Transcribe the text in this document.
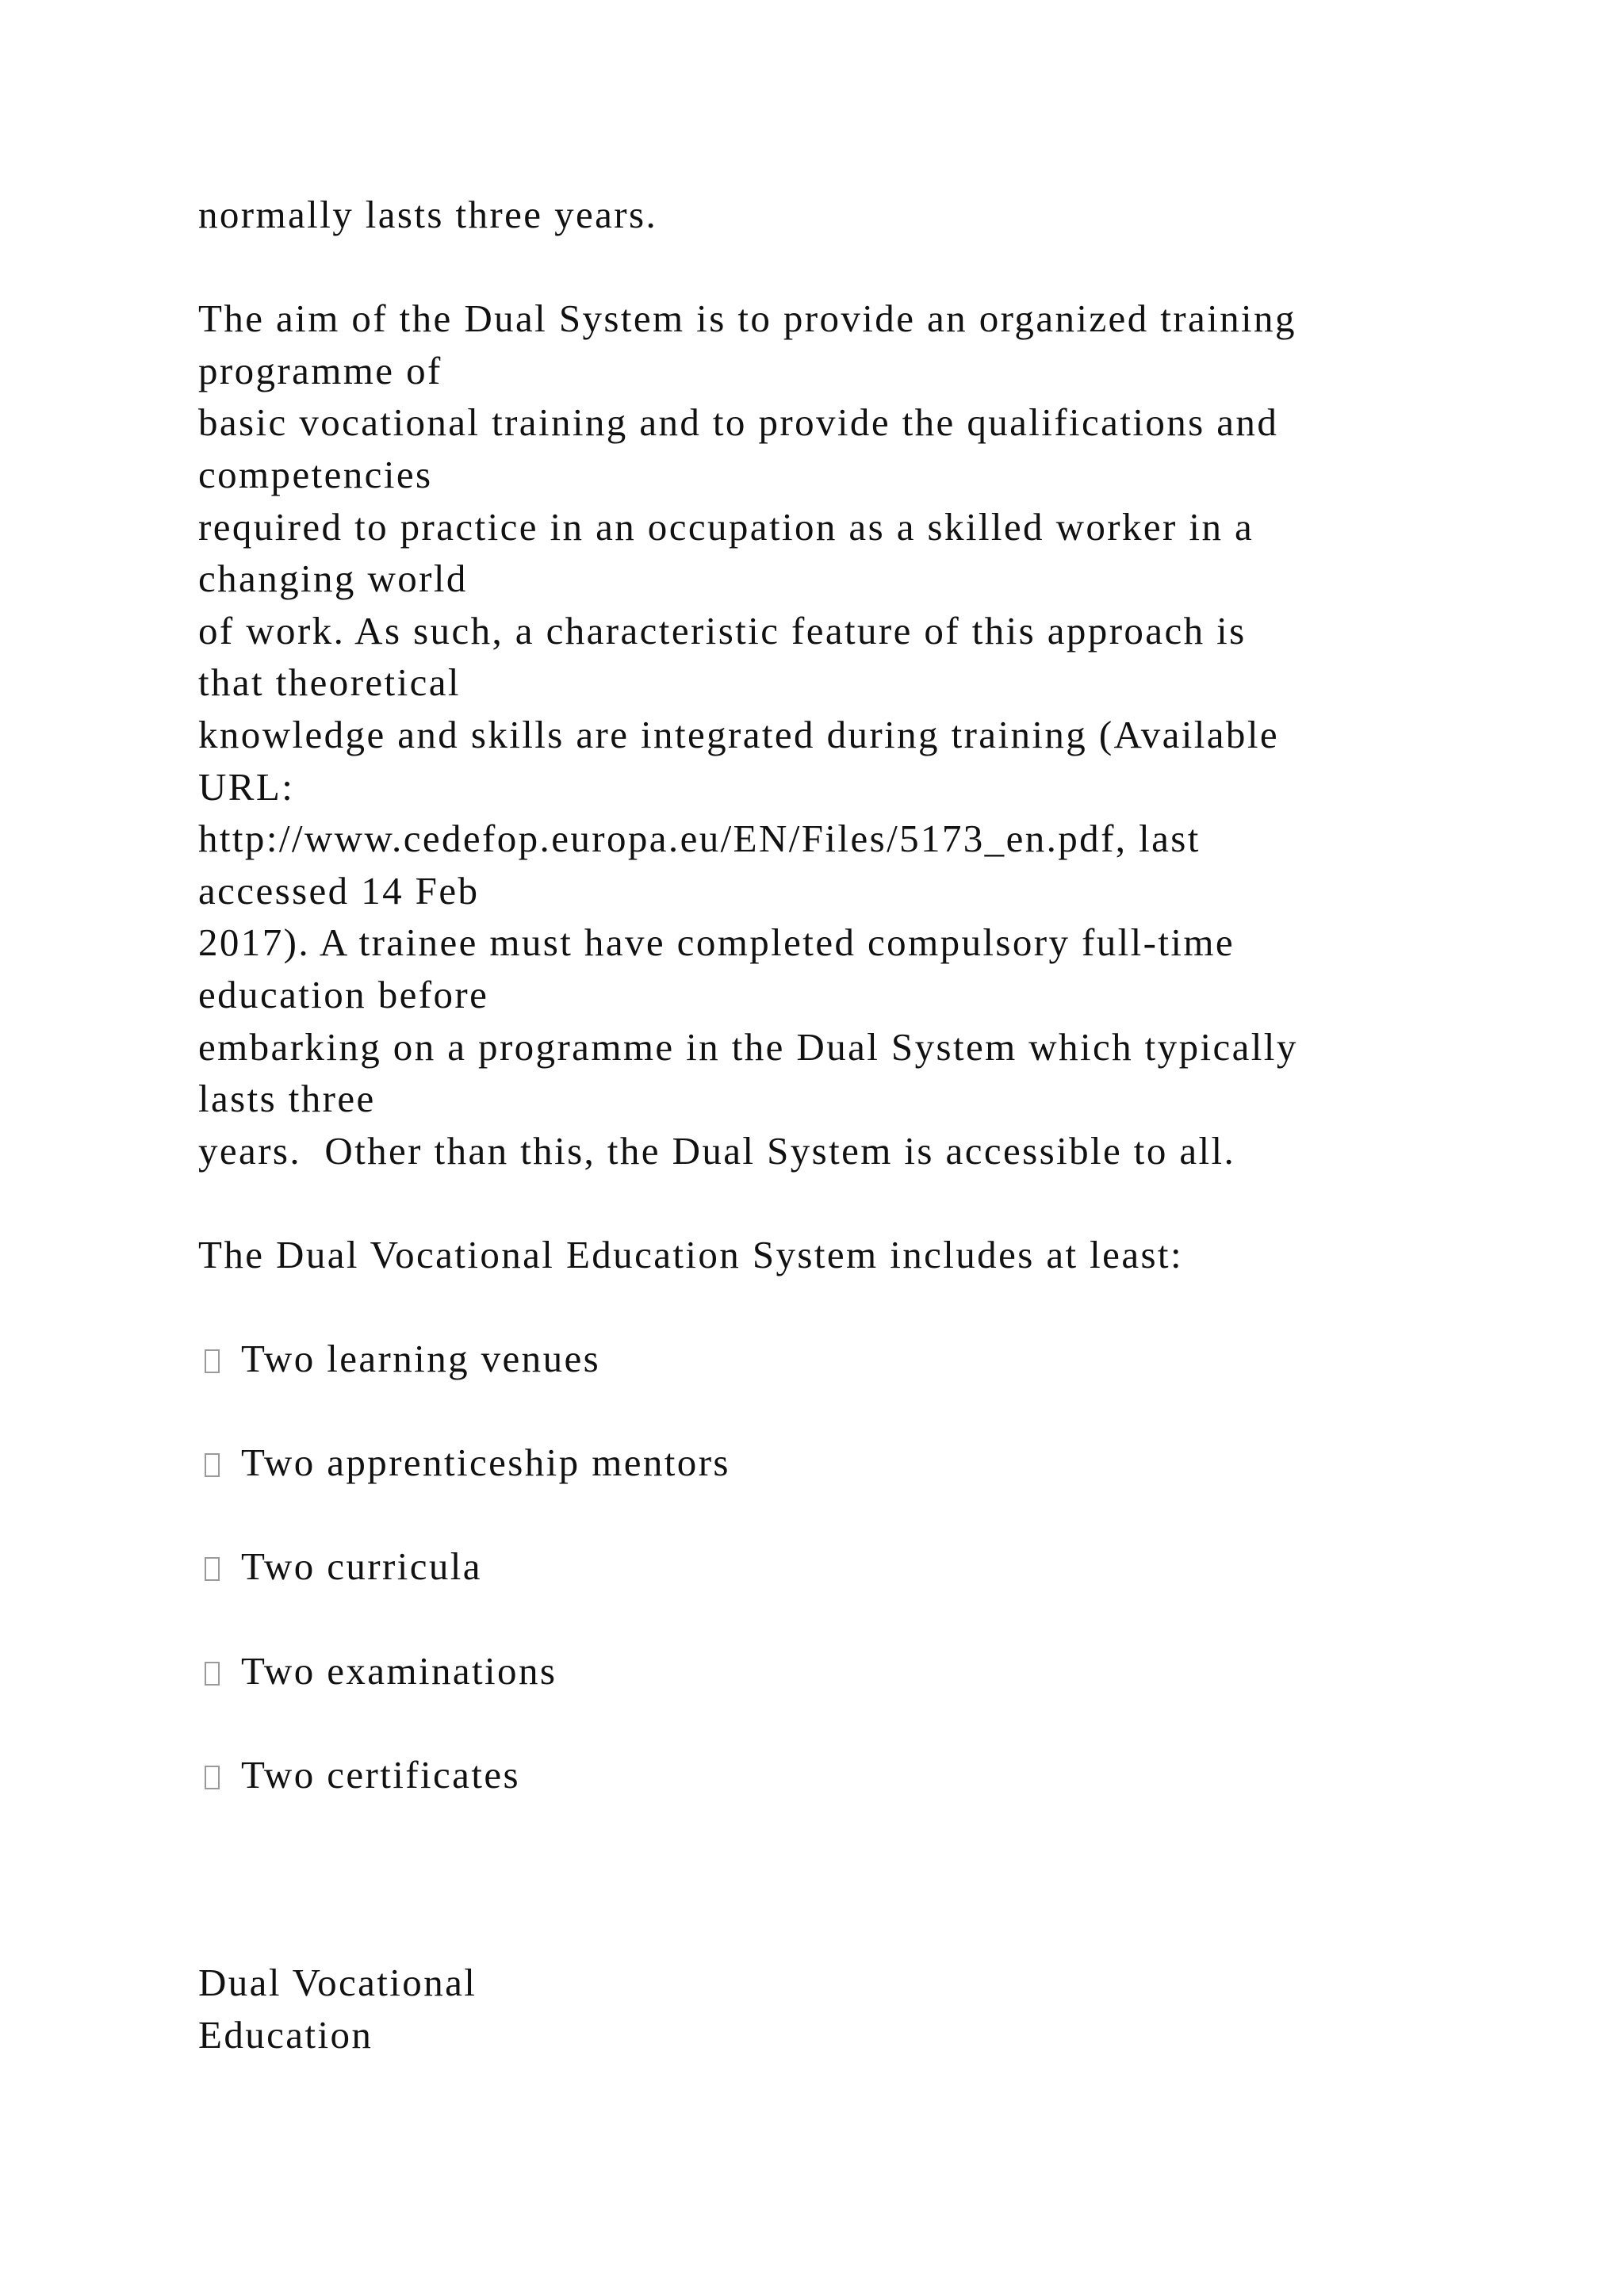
normally lasts three years.
The aim of the Dual System is to provide an organized training
programme of
basic vocational training and to provide the qualifications and
competencies
required to practice in an occupation as a skilled worker in a
changing world
of work. As such, a characteristic feature of this approach is
that theoretical
knowledge and skills are integrated during training (Available
URL:
http://www.cedefop.europa.eu/EN/Files/5173_en.pdf, last
accessed 14 Feb
2017). A trainee must have completed compulsory full-time
education before
embarking on a programme in the Dual System which typically
lasts three
years.  Other than this, the Dual System is accessible to all.
The Dual Vocational Education System includes at least:
Two learning venues
Two apprenticeship mentors
Two curricula
Two examinations
Two certificates
Dual Vocational
Education
